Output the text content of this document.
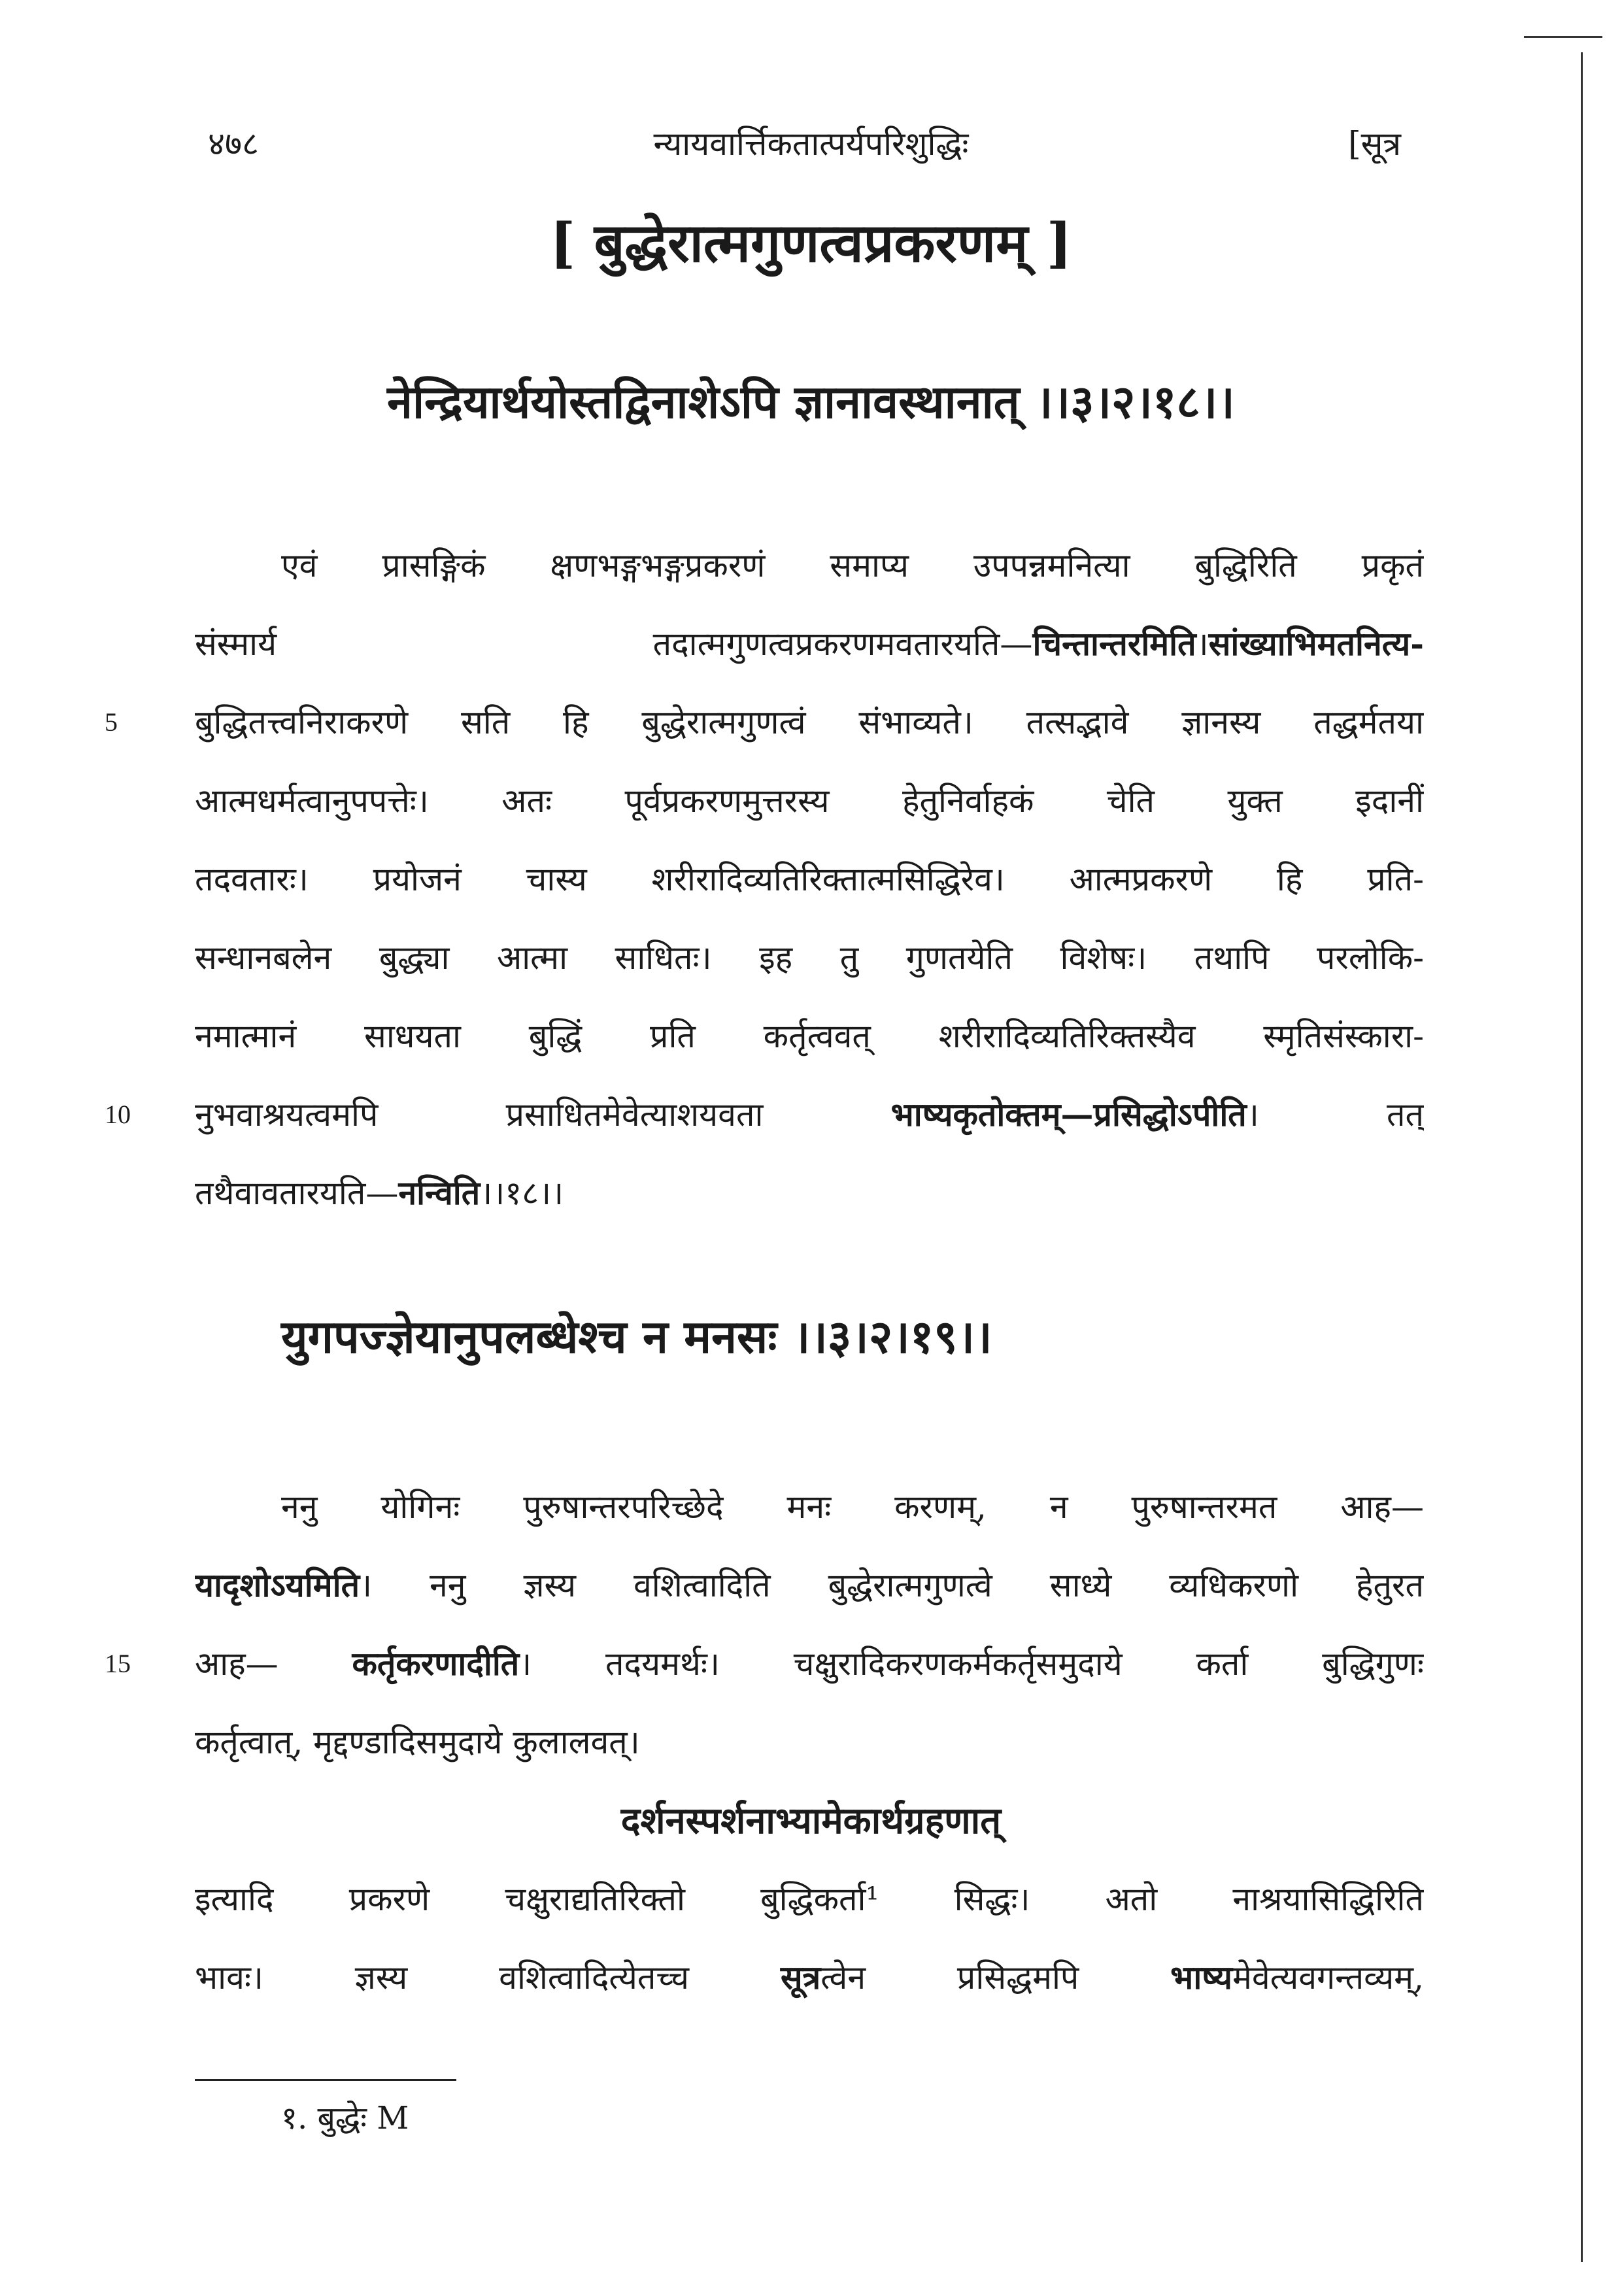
४७८	न्यायवार्त्तिकतात्पर्यपरिशुद्धिः	[सूत्र
[ बुद्धेरात्मगुणत्वप्रकरणम् ]
नेन्द्रियार्थयोस्तद्विनाशेऽपि ज्ञानावस्थानात् ।।३।२।१८।।
एवं प्रासङ्गिकं क्षणभङ्गभङ्गप्रकरणं समाप्य उपपन्नमनित्या बुद्धिरिति प्रकृतं
संस्मार्य तदात्मगुणत्वप्रकरणमवतारयति—चिन्तान्तरमिति।सांख्याभिमतनित्य-
5 बुद्धितत्त्वनिराकरणे सति हि बुद्धेरात्मगुणत्वं संभाव्यते। तत्सद्भावे ज्ञानस्य तद्धर्मतया
आत्मधर्मत्वानुपपत्तेः। अतः पूर्वप्रकरणमुत्तरस्य हेतुनिर्वाहकं चेति युक्त इदानीं
तदवतारः। प्रयोजनं चास्य शरीरादिव्यतिरिक्तात्मसिद्धिरेव। आत्मप्रकरणे हि प्रति-
सन्धानबलेन बुद्ध्या आत्मा साधितः। इह तु गुणतयेति विशेषः। तथापि परलोकि-
नमात्मानं साधयता बुद्धिं प्रति कर्तृत्ववत् शरीरादिव्यतिरिक्तस्यैव स्मृतिसंस्कारा-
10 नुभवाश्रयत्वमपि प्रसाधितमेवेत्याशयवता भाष्यकृतोक्तम्—प्रसिद्धोऽपीति। तत्
तथैवावतारयति—नन्विति।।१८।।
युगपज्ज्ञेयानुपलब्धेश्च न मनसः ।।३।२।१९।।
ननु योगिनः पुरुषान्तरपरिच्छेदे मनः करणम्, न पुरुषान्तरमत आह—
यादृशोऽयमिति। ननु ज्ञस्य वशित्वादिति बुद्धेरात्मगुणत्वे साध्ये व्यधिकरणो हेतुरत
15 आह— कर्तृकरणादीति। तदयमर्थः। चक्षुरादिकरणकर्मकर्तृसमुदाये कर्ता बुद्धिगुणः
कर्तृत्वात्, मृद्दण्डादिसमुदाये कुलालवत्।
दर्शनस्पर्शनाभ्यामेकार्थग्रहणात्
इत्यादि प्रकरणे चक्षुराद्यतिरिक्तो बुद्धिकर्ता¹ सिद्धः। अतो नाश्रयासिद्धिरिति
भावः। ज्ञस्य वशित्वादित्येतच्च सूत्रत्वेन प्रसिद्धमपि भाष्यमेवेत्यवगन्तव्यम्,
१. बुद्धेः M
